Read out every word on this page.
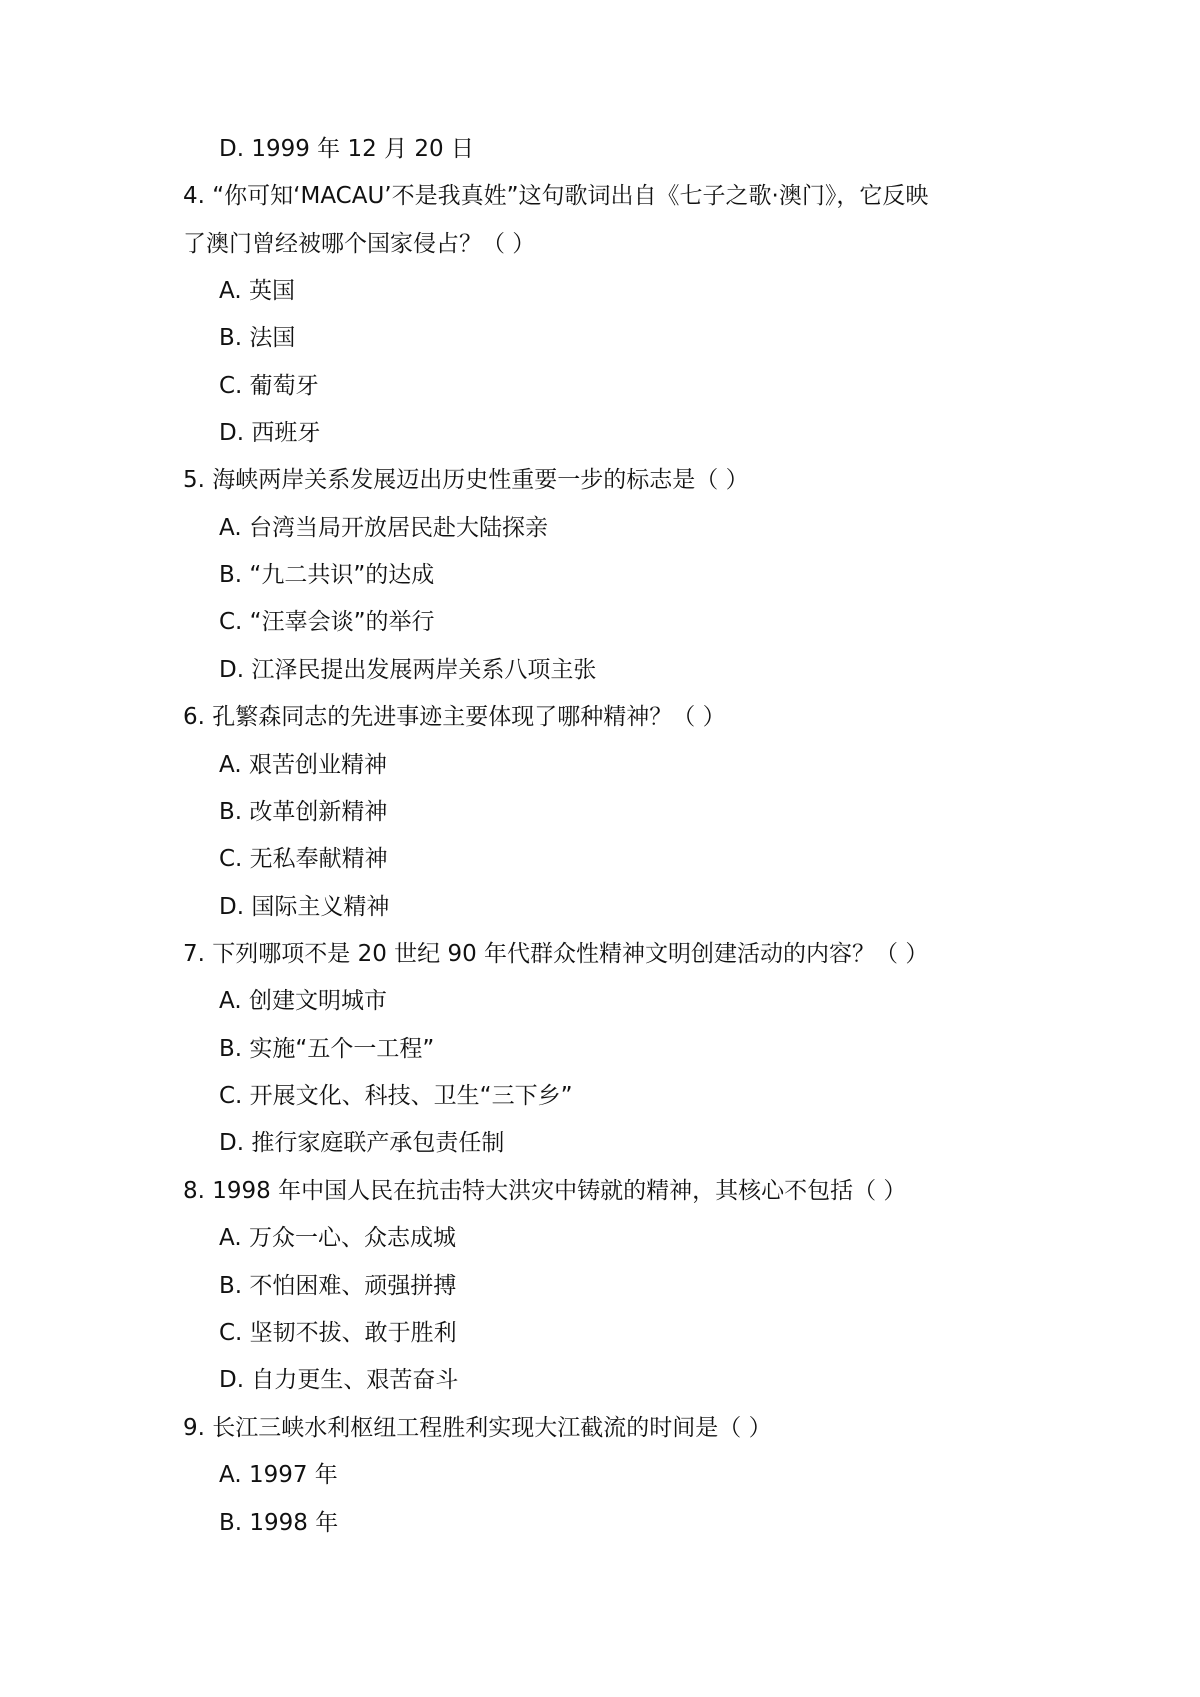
D. 1999 年 12 月 20 日
4. “你可知‘MACAU’不是我真姓”这句歌词出自《七子之歌·澳门》，它反映
了澳门曾经被哪个国家侵占？（ ）
A. 英国
B. 法国
C. 葡萄牙
D. 西班牙
5. 海峡两岸关系发展迈出历史性重要一步的标志是（ ）
A. 台湾当局开放居民赴大陆探亲
B. “九二共识”的达成
C. “汪辜会谈”的举行
D. 江泽民提出发展两岸关系八项主张
6. 孔繁森同志的先进事迹主要体现了哪种精神？（ ）
A. 艰苦创业精神
B. 改革创新精神
C. 无私奉献精神
D. 国际主义精神
7. 下列哪项不是 20 世纪 90 年代群众性精神文明创建活动的内容？（ ）
A. 创建文明城市
B. 实施“五个一工程”
C. 开展文化、科技、卫生“三下乡”
D. 推行家庭联产承包责任制
8. 1998 年中国人民在抗击特大洪灾中铸就的精神，其核心不包括（ ）
A. 万众一心、众志成城
B. 不怕困难、顽强拼搏
C. 坚韧不拔、敢于胜利
D. 自力更生、艰苦奋斗
9. 长江三峡水利枢纽工程胜利实现大江截流的时间是（ ）
A. 1997 年
B. 1998 年
